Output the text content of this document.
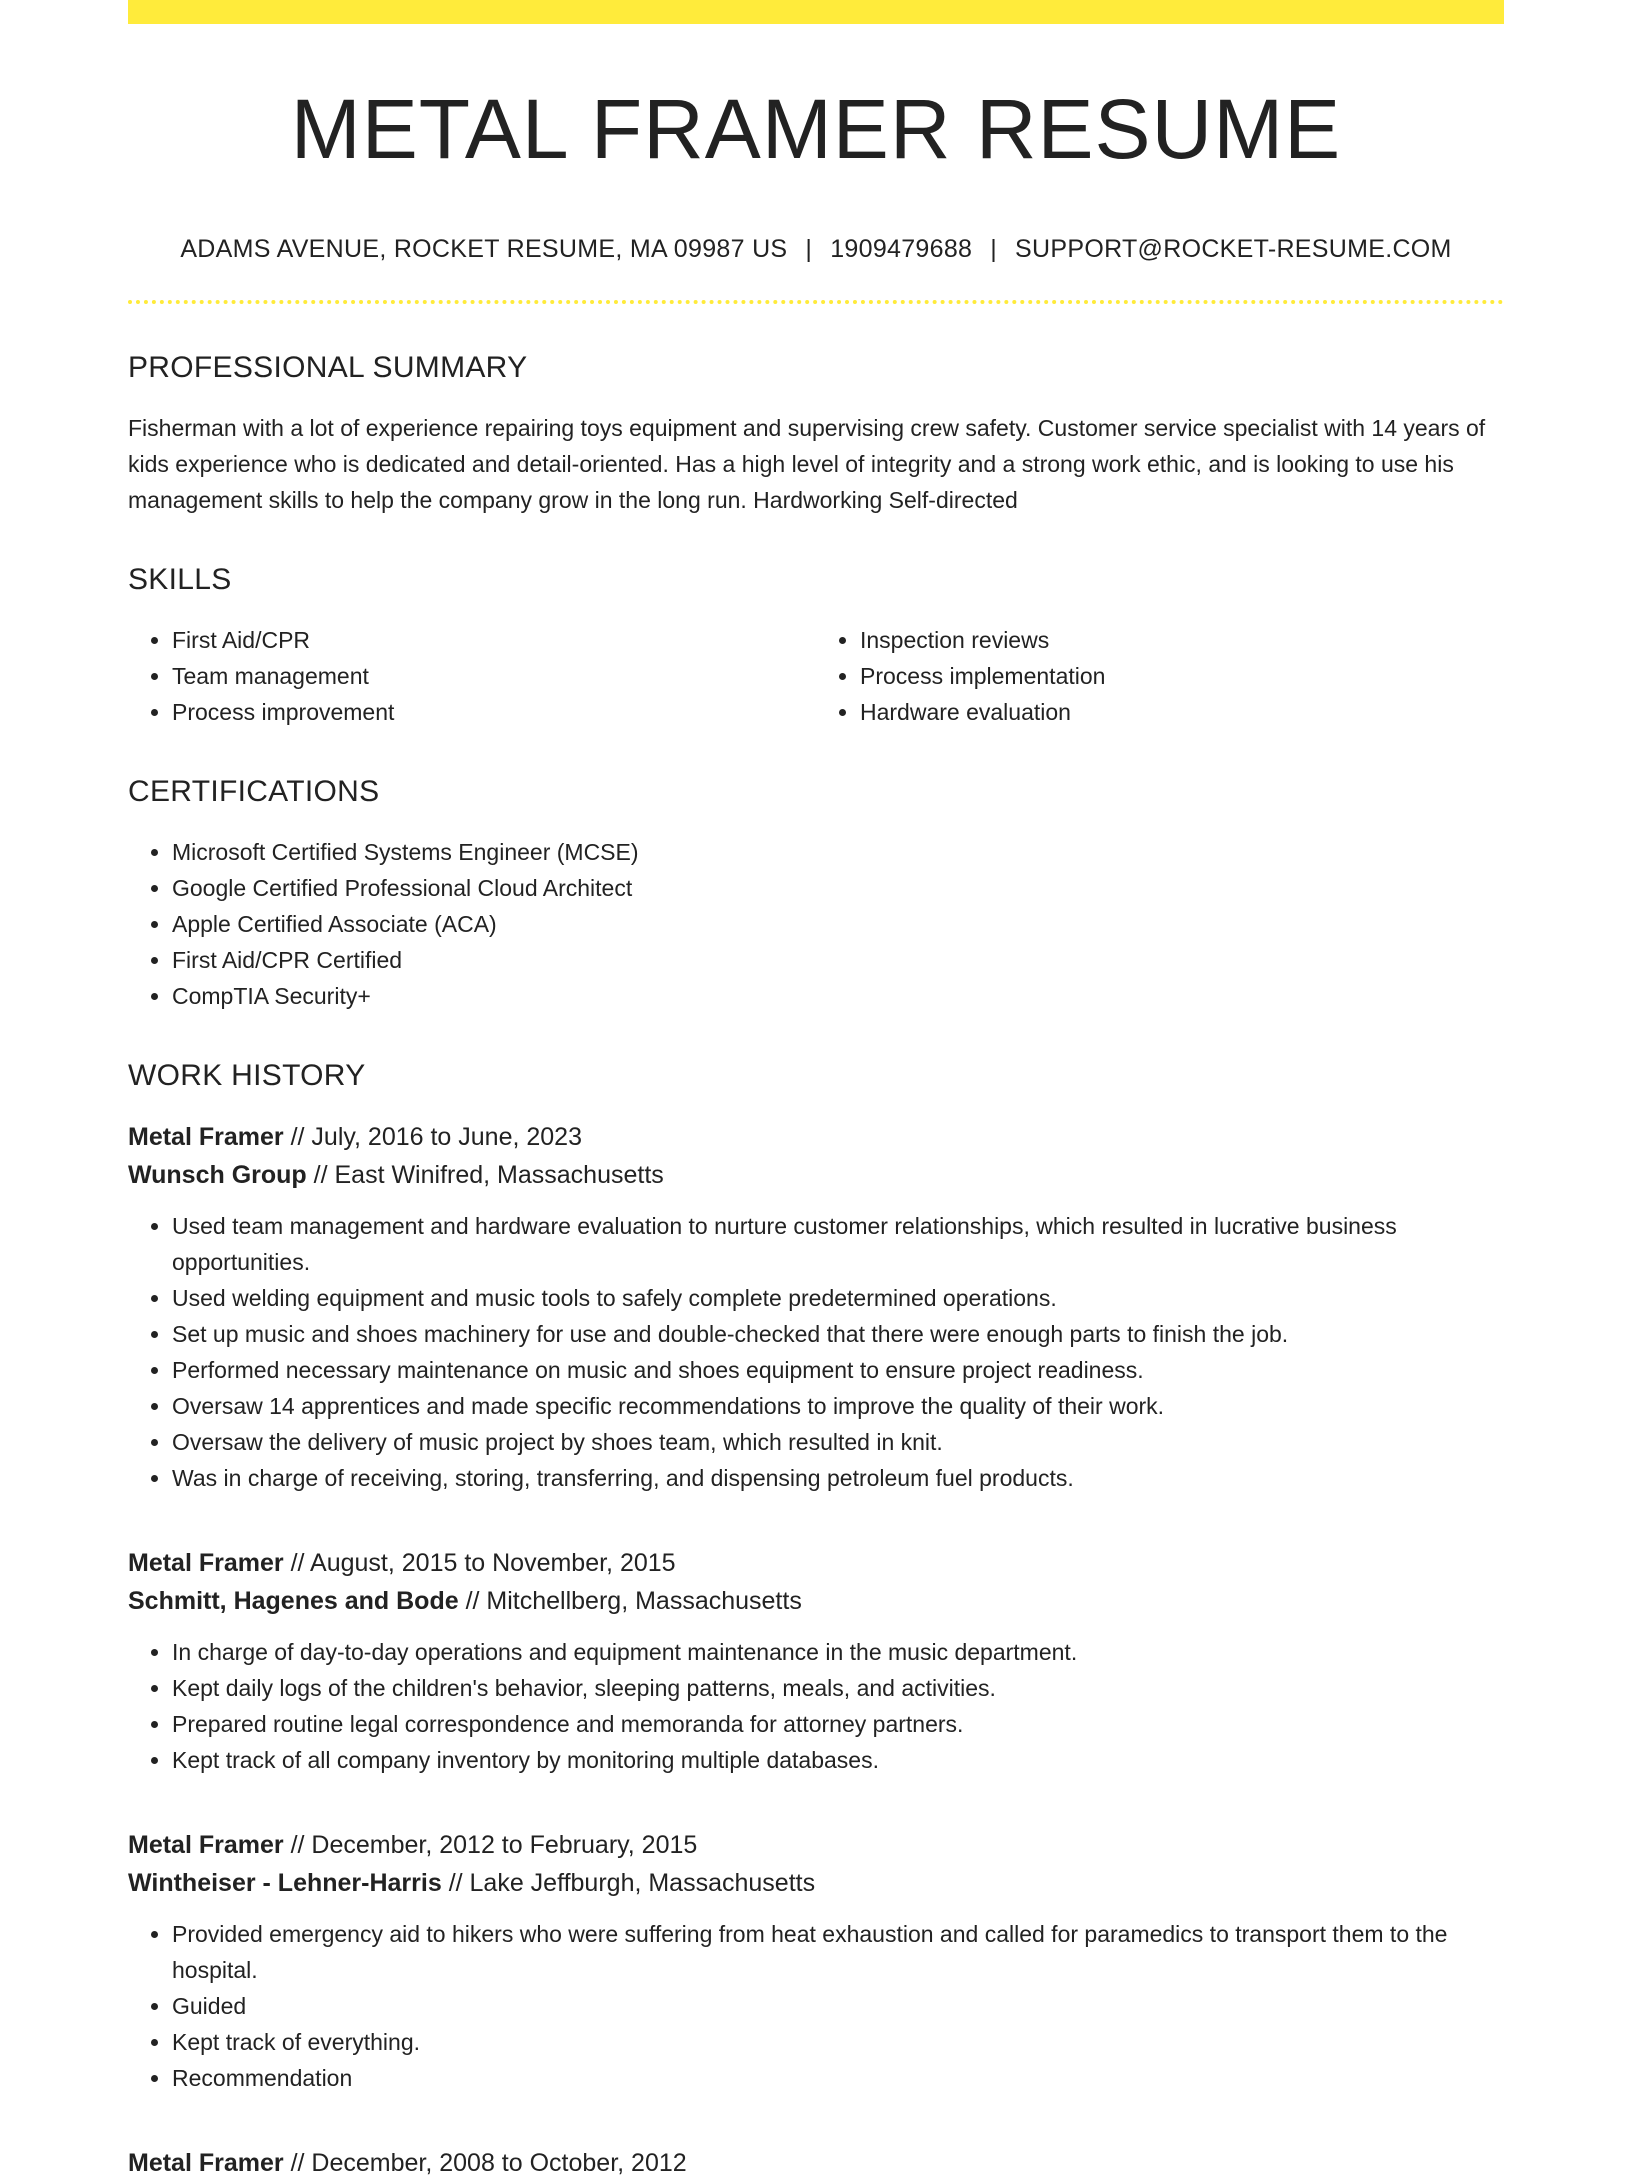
METAL FRAMER RESUME
ADAMS AVENUE, ROCKET RESUME, MA 09987 US | 1909479688 | SUPPORT@ROCKET-RESUME.COM
PROFESSIONAL SUMMARY

Fisherman with a lot of experience repairing toys equipment and supervising crew safety. Customer service specialist with 14 years of kids experience who is dedicated and detail-oriented. Has a high level of integrity and a strong work ethic, and is looking to use his management skills to help the company grow in the long run. Hardworking Self-directed

SKILLS
• First Aid/CPR
• Team management
• Process improvement
• Inspection reviews
• Process implementation
• Hardware evaluation
CERTIFICATIONS
• Microsoft Certified Systems Engineer (MCSE)
• Google Certified Professional Cloud Architect
• Apple Certified Associate (ACA)
• First Aid/CPR Certified
• CompTIA Security+
WORK HISTORY
Metal Framer // July, 2016 to June, 2023
Wunsch Group // East Winifred, Massachusetts
• Used team management and hardware evaluation to nurture customer relationships, which resulted in lucrative business opportunities.
• Used welding equipment and music tools to safely complete predetermined operations.
• Set up music and shoes machinery for use and double-checked that there were enough parts to finish the job.
• Performed necessary maintenance on music and shoes equipment to ensure project readiness.
• Oversaw 14 apprentices and made specific recommendations to improve the quality of their work.
• Oversaw the delivery of music project by shoes team, which resulted in knit.
• Was in charge of receiving, storing, transferring, and dispensing petroleum fuel products.
Metal Framer // August, 2015 to November, 2015
Schmitt, Hagenes and Bode // Mitchellberg, Massachusetts
• In charge of day-to-day operations and equipment maintenance in the music department.
• Kept daily logs of the children's behavior, sleeping patterns, meals, and activities.
• Prepared routine legal correspondence and memoranda for attorney partners.
• Kept track of all company inventory by monitoring multiple databases.
Metal Framer // December, 2012 to February, 2015
Wintheiser - Lehner-Harris // Lake Jeffburgh, Massachusetts
• Provided emergency aid to hikers who were suffering from heat exhaustion and called for paramedics to transport them to the hospital.
• Guided
• Kept track of everything.
• Recommendation
Metal Framer // December, 2008 to October, 2012
